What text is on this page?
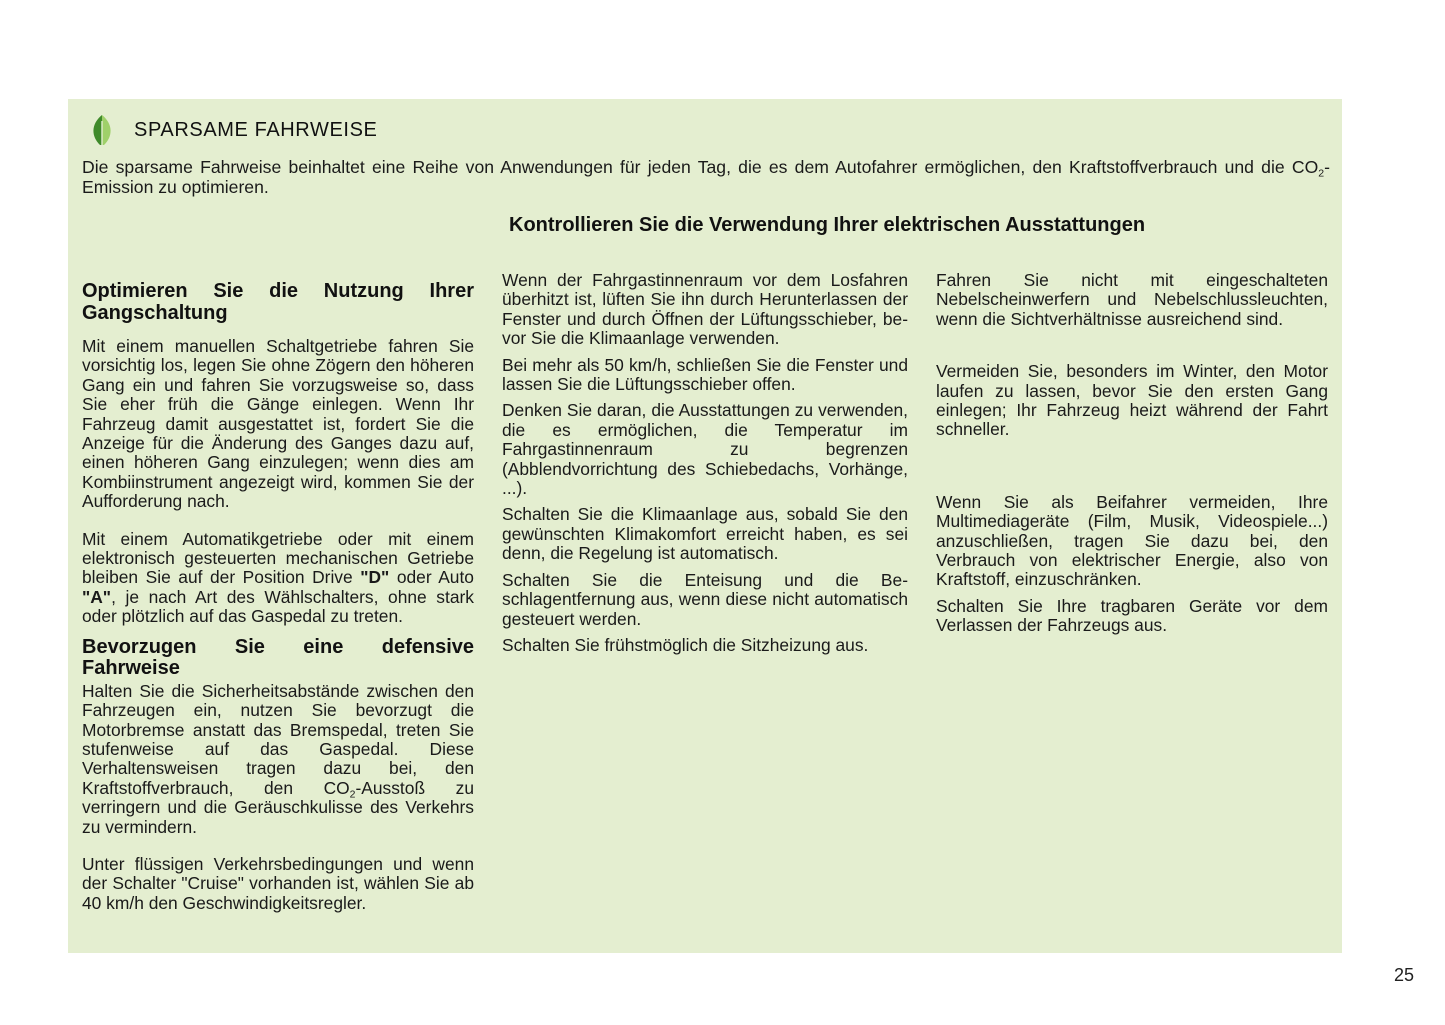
SPARSAME FAHRWEISE
Die sparsame Fahrweise beinhaltet eine Reihe von Anwendungen für jeden Tag, die es dem Autofahrer ermöglichen, den Kraftstoffverbrauch und die $CO_2$-Emission zu optimieren.

Optimieren Sie die Nutzung Ihrer Gangschaltung

Mit einem manuellen Schaltgetriebe fahren Sie vorsichtig los, legen Sie ohne Zögern den höheren Gang ein und fahren Sie vorzugsweise so, dass Sie eher früh die Gänge einlegen. Wenn Ihr Fahrzeug damit ausgestattet ist, fordert Sie die Anzeige für die Änderung des Ganges dazu auf, einen höheren Gang einzulegen; wenn dies am Kombiinstrument angezeigt wird, kommen Sie der Aufforderung nach.

Mit einem Automatikgetriebe oder mit einem elektronisch gesteuerten mechanischen Getriebe bleiben Sie auf der Position Drive "D" oder Auto "A", je nach Art des Wählschalters, ohne stark oder plötzlich auf das Gaspedal zu treten.

Bevorzugen Sie eine defensive Fahrweise

Halten Sie die Sicherheitsabstände zwischen den Fahrzeugen ein, nutzen Sie bevorzugt die Motorbremse anstatt das Bremspedal, treten Sie stufenweise auf das Gaspedal. Diese Verhaltensweisen tragen dazu bei, den Kraftstoffverbrauch, den $CO_2$-Ausstoß zu verringern und die Geräuschkulisse des Verkehrs zu vermindern.

Unter flüssigen Verkehrsbedingungen und wenn der Schalter "Cruise" vorhanden ist, wählen Sie ab 40 km/h den Geschwindigkeitsregler.

Kontrollieren Sie die Verwendung Ihrer elektrischen Ausstattungen

Wenn der Fahrgastinnenraum vor dem Losfahren überhitzt ist, lüften Sie ihn durch Herunterlassen der Fenster und durch Öffnen der Lüftungsschieber, bevor Sie die Klimaanlage verwenden.

Bei mehr als 50 km/h, schließen Sie die Fenster und lassen Sie die Lüftungsschieber offen.

Denken Sie daran, die Ausstattungen zu verwenden, die es ermöglichen, die Temperatur im Fahrgastinnenraum zu begrenzen (Abblendvorrichtung des Schiebedachs, Vorhänge, ...).

Schalten Sie die Klimaanlage aus, sobald Sie den gewünschten Klimakomfort erreicht haben, es sei denn, die Regelung ist automatisch.

Schalten Sie die Enteisung und die Beschlagentfernung aus, wenn diese nicht automatisch gesteuert werden.

Schalten Sie frühstmöglich die Sitzheizung aus.

Fahren Sie nicht mit eingeschalteten Nebelscheinwerfern und Nebelschlussleuchten, wenn die Sichtverhältnisse ausreichend sind.

Vermeiden Sie, besonders im Winter, den Motor laufen zu lassen, bevor Sie den ersten Gang einlegen; Ihr Fahrzeug heizt während der Fahrt schneller.

Wenn Sie als Beifahrer vermeiden, Ihre Multimediageräte (Film, Musik, Videospiele...) anzuschließen, tragen Sie dazu bei, den Verbrauch von elektrischer Energie, also von Kraftstoff, einzuschränken.

Schalten Sie Ihre tragbaren Geräte vor dem Verlassen der Fahrzeugs aus.

25
